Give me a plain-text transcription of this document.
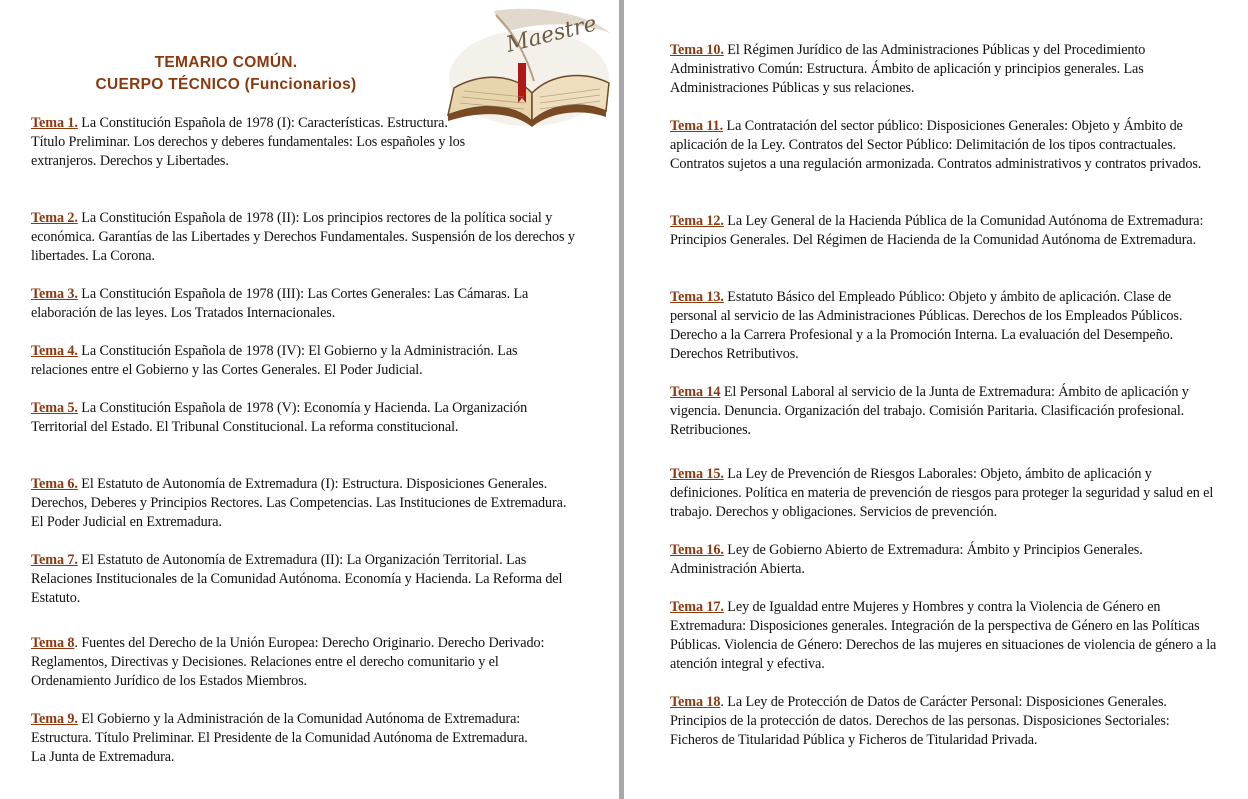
TEMARIO COMÚN.
CUERPO TÉCNICO (Funcionarios)
Maestre
Tema 1. La Constitución Española de 1978 (I): Características. Estructura. Título Preliminar. Los derechos y deberes fundamentales: Los españoles y los extranjeros. Derechos y Libertades.
Tema 2. La Constitución Española de 1978 (II): Los principios rectores de la política social y económica. Garantías de las Libertades y Derechos Fundamentales. Suspensión de los derechos y libertades. La Corona.
Tema 3. La Constitución Española de 1978 (III): Las Cortes Generales: Las Cámaras. La elaboración de las leyes. Los Tratados Internacionales.
Tema 4. La Constitución Española de 1978 (IV): El Gobierno y la Administración. Las relaciones entre el Gobierno y las Cortes Generales. El Poder Judicial.
Tema 5. La Constitución Española de 1978 (V): Economía y Hacienda. La Organización Territorial del Estado. El Tribunal Constitucional. La reforma constitucional.
Tema 6. El Estatuto de Autonomía de Extremadura (I): Estructura. Disposiciones Generales. Derechos, Deberes y Principios Rectores. Las Competencias. Las Instituciones de Extremadura. El Poder Judicial en Extremadura.
Tema 7. El Estatuto de Autonomía de Extremadura (II): La Organización Territorial. Las Relaciones Institucionales de la Comunidad Autónoma. Economía y Hacienda. La Reforma del Estatuto.
Tema 8. Fuentes del Derecho de la Unión Europea: Derecho Originario. Derecho Derivado: Reglamentos, Directivas y Decisiones. Relaciones entre el derecho comunitario y el Ordenamiento Jurídico de los Estados Miembros.
Tema 9. El Gobierno y la Administración de la Comunidad Autónoma de Extremadura: Estructura. Título Preliminar. El Presidente de la Comunidad Autónoma de Extremadura. La Junta de Extremadura.
Tema 10. El Régimen Jurídico de las Administraciones Públicas y del Procedimiento Administrativo Común: Estructura. Ámbito de aplicación y principios generales. Las Administraciones Públicas y sus relaciones.
Tema 11. La Contratación del sector público: Disposiciones Generales: Objeto y Ámbito de aplicación de la Ley. Contratos del Sector Público: Delimitación de los tipos contractuales. Contratos sujetos a una regulación armonizada. Contratos administrativos y contratos privados.
Tema 12. La Ley General de la Hacienda Pública de la Comunidad Autónoma de Extremadura: Principios Generales. Del Régimen de Hacienda de la Comunidad Autónoma de Extremadura.
Tema 13. Estatuto Básico del Empleado Público: Objeto y ámbito de aplicación. Clase de personal al servicio de las Administraciones Públicas. Derechos de los Empleados Públicos. Derecho a la Carrera Profesional y a la Promoción Interna. La evaluación del Desempeño. Derechos Retributivos.
Tema 14 El Personal Laboral al servicio de la Junta de Extremadura: Ámbito de aplicación y vigencia. Denuncia. Organización del trabajo. Comisión Paritaria. Clasificación profesional. Retribuciones.
Tema 15. La Ley de Prevención de Riesgos Laborales: Objeto, ámbito de aplicación y definiciones. Política en materia de prevención de riesgos para proteger la seguridad y salud en el trabajo. Derechos y obligaciones. Servicios de prevención.
Tema 16. Ley de Gobierno Abierto de Extremadura: Ámbito y Principios Generales. Administración Abierta.
Tema 17. Ley de Igualdad entre Mujeres y Hombres y contra la Violencia de Género en Extremadura: Disposiciones generales. Integración de la perspectiva de Género en las Políticas Públicas. Violencia de Género: Derechos de las mujeres en situaciones de violencia de género a la atención integral y efectiva.
Tema 18. La Ley de Protección de Datos de Carácter Personal: Disposiciones Generales. Principios de la protección de datos. Derechos de las personas. Disposiciones Sectoriales: Ficheros de Titularidad Pública y Ficheros de Titularidad Privada.
